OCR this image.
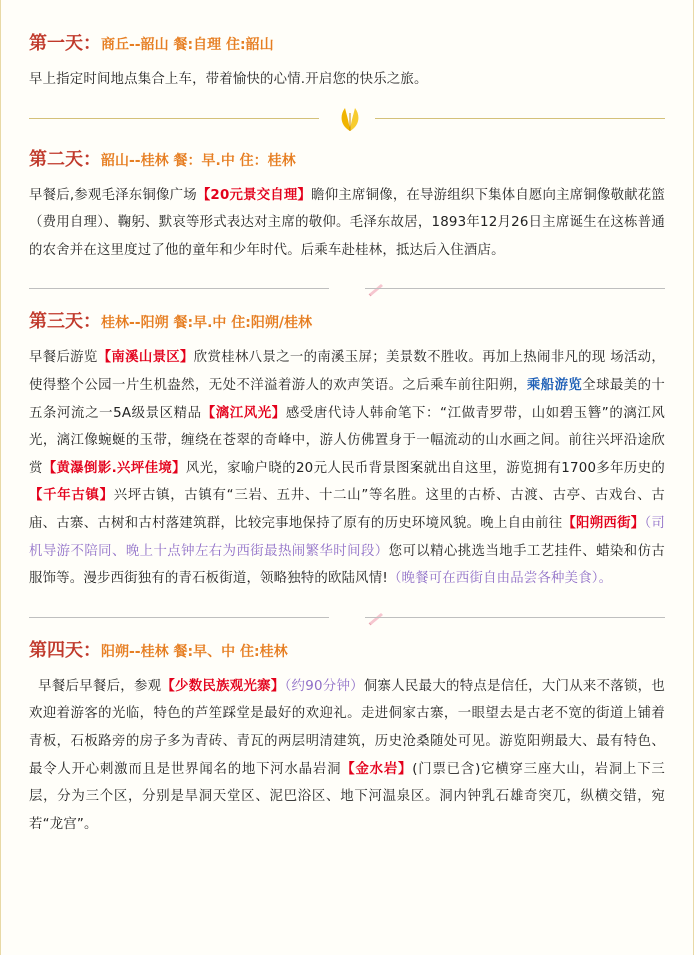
第一天：商丘--韶山 餐:自理 住:韶山

早上指定时间地点集合上车，带着愉快的心情.开启您的快乐之旅。

第二天：韶山--桂林 餐：早.中 住：桂林

早餐后,参观毛泽东铜像广场【20元景交自理】瞻仰主席铜像，在导游组织下集体自愿向主席铜像敬献花篮（费用自理）、鞠躬、默哀等形式表达对主席的敬仰。毛泽东故居，1893年12月26日主席诞生在这栋普通的农舍并在这里度过了他的童年和少年时代。后乘车赴桂林，抵达后入住酒店。

第三天：桂林--阳朔 餐:早.中 住:阳朔/桂林

早餐后游览【南溪山景区】欣赏桂林八景之一的南溪玉屏；美景数不胜收。再加上热闹非凡的现 场活动，使得整个公园一片生机盎然，无处不洋溢着游人的欢声笑语。之后乘车前往阳朔，乘船游览全球最美的十五条河流之一5A级景区精品【漓江风光】感受唐代诗人韩俞笔下：“江做青罗带，山如碧玉簪”的漓江风光，漓江像蜿蜒的玉带，缠绕在苍翠的奇峰中，游人仿佛置身于一幅流动的山水画之间。前往兴坪沿途欣赏【黄瀑倒影.兴坪佳境】风光，家喻户晓的20元人民币背景图案就出自这里，游览拥有1700多年历史的【千年古镇】兴坪古镇，古镇有“三岩、五井、十二山”等名胜。这里的古桥、古渡、古亭、古戏台、古庙、古寨、古树和古村落建筑群，比较完事地保持了原有的历史环境风貌。晚上自由前往【阳朔西街】（司机导游不陪同、晚上十点钟左右为西街最热闹繁华时间段）您可以精心挑选当地手工艺挂件、蜡染和仿古服饰等。漫步西街独有的青石板街道，领略独特的欧陆风情!（晚餐可在西街自由品尝各种美食）。

第四天：阳朔--桂林 餐:早、中 住:桂林

早餐后早餐后，参观【少数民族观光寨】（约90分钟）侗寨人民最大的特点是信任，大门从来不落锁，也欢迎着游客的光临，特色的芦笙踩堂是最好的欢迎礼。走进侗家古寨，一眼望去是古老不宽的街道上铺着青板，石板路旁的房子多为青砖、青瓦的两层明清建筑，历史沧桑随处可见。游览阳朔最大、最有特色、最令人开心刺激而且是世界闻名的地下河水晶岩洞【金水岩】(门票已含)它横穿三座大山，岩洞上下三层，分为三个区，分别是旱洞天堂区、泥巴浴区、地下河温泉区。洞内钟乳石雄奇突兀，纵横交错，宛若“龙宫”。
